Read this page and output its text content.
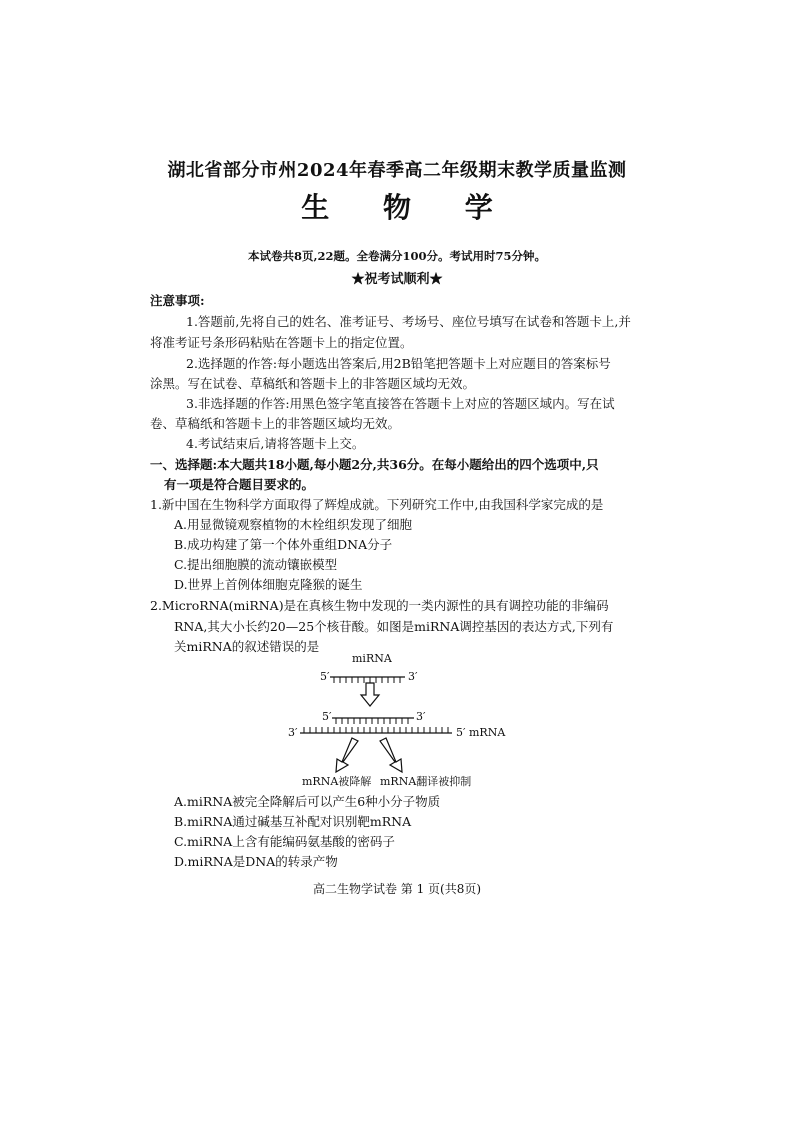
湖北省部分市州2024年春季高二年级期末教学质量监测
生 物 学
本试卷共8页,22题。全卷满分100分。考试用时75分钟。
★祝考试顺利★
注意事项:
1.答题前,先将自己的姓名、准考证号、考场号、座位号填写在试卷和答题卡上,并
将准考证号条形码粘贴在答题卡上的指定位置。
2.选择题的作答:每小题选出答案后,用2B铅笔把答题卡上对应题目的答案标号
涂黑。写在试卷、草稿纸和答题卡上的非答题区域均无效。
3.非选择题的作答:用黑色签字笔直接答在答题卡上对应的答题区域内。写在试
卷、草稿纸和答题卡上的非答题区域均无效。
4.考试结束后,请将答题卡上交。
一、选择题:本大题共18小题,每小题2分,共36分。在每小题给出的四个选项中,只
有一项是符合题目要求的。
1.新中国在生物科学方面取得了辉煌成就。下列研究工作中,由我国科学家完成的是
A.用显微镜观察植物的木栓组织发现了细胞
B.成功构建了第一个体外重组DNA分子
C.提出细胞膜的流动镶嵌模型
D.世界上首例体细胞克隆猴的诞生
2.MicroRNA(miRNA)是在真核生物中发现的一类内源性的具有调控功能的非编码
RNA,其大小长约20—25个核苷酸。如图是miRNA调控基因的表达方式,下列有
关miRNA的叙述错误的是
miRNA
5′	3′
5′	3′
3′	5′ mRNA
mRNA被降解 mRNA翻译被抑制
A.miRNA被完全降解后可以产生6种小分子物质
B.miRNA通过碱基互补配对识别靶mRNA
C.miRNA上含有能编码氨基酸的密码子
D.miRNA是DNA的转录产物
高二生物学试卷 第 1 页(共8页)
